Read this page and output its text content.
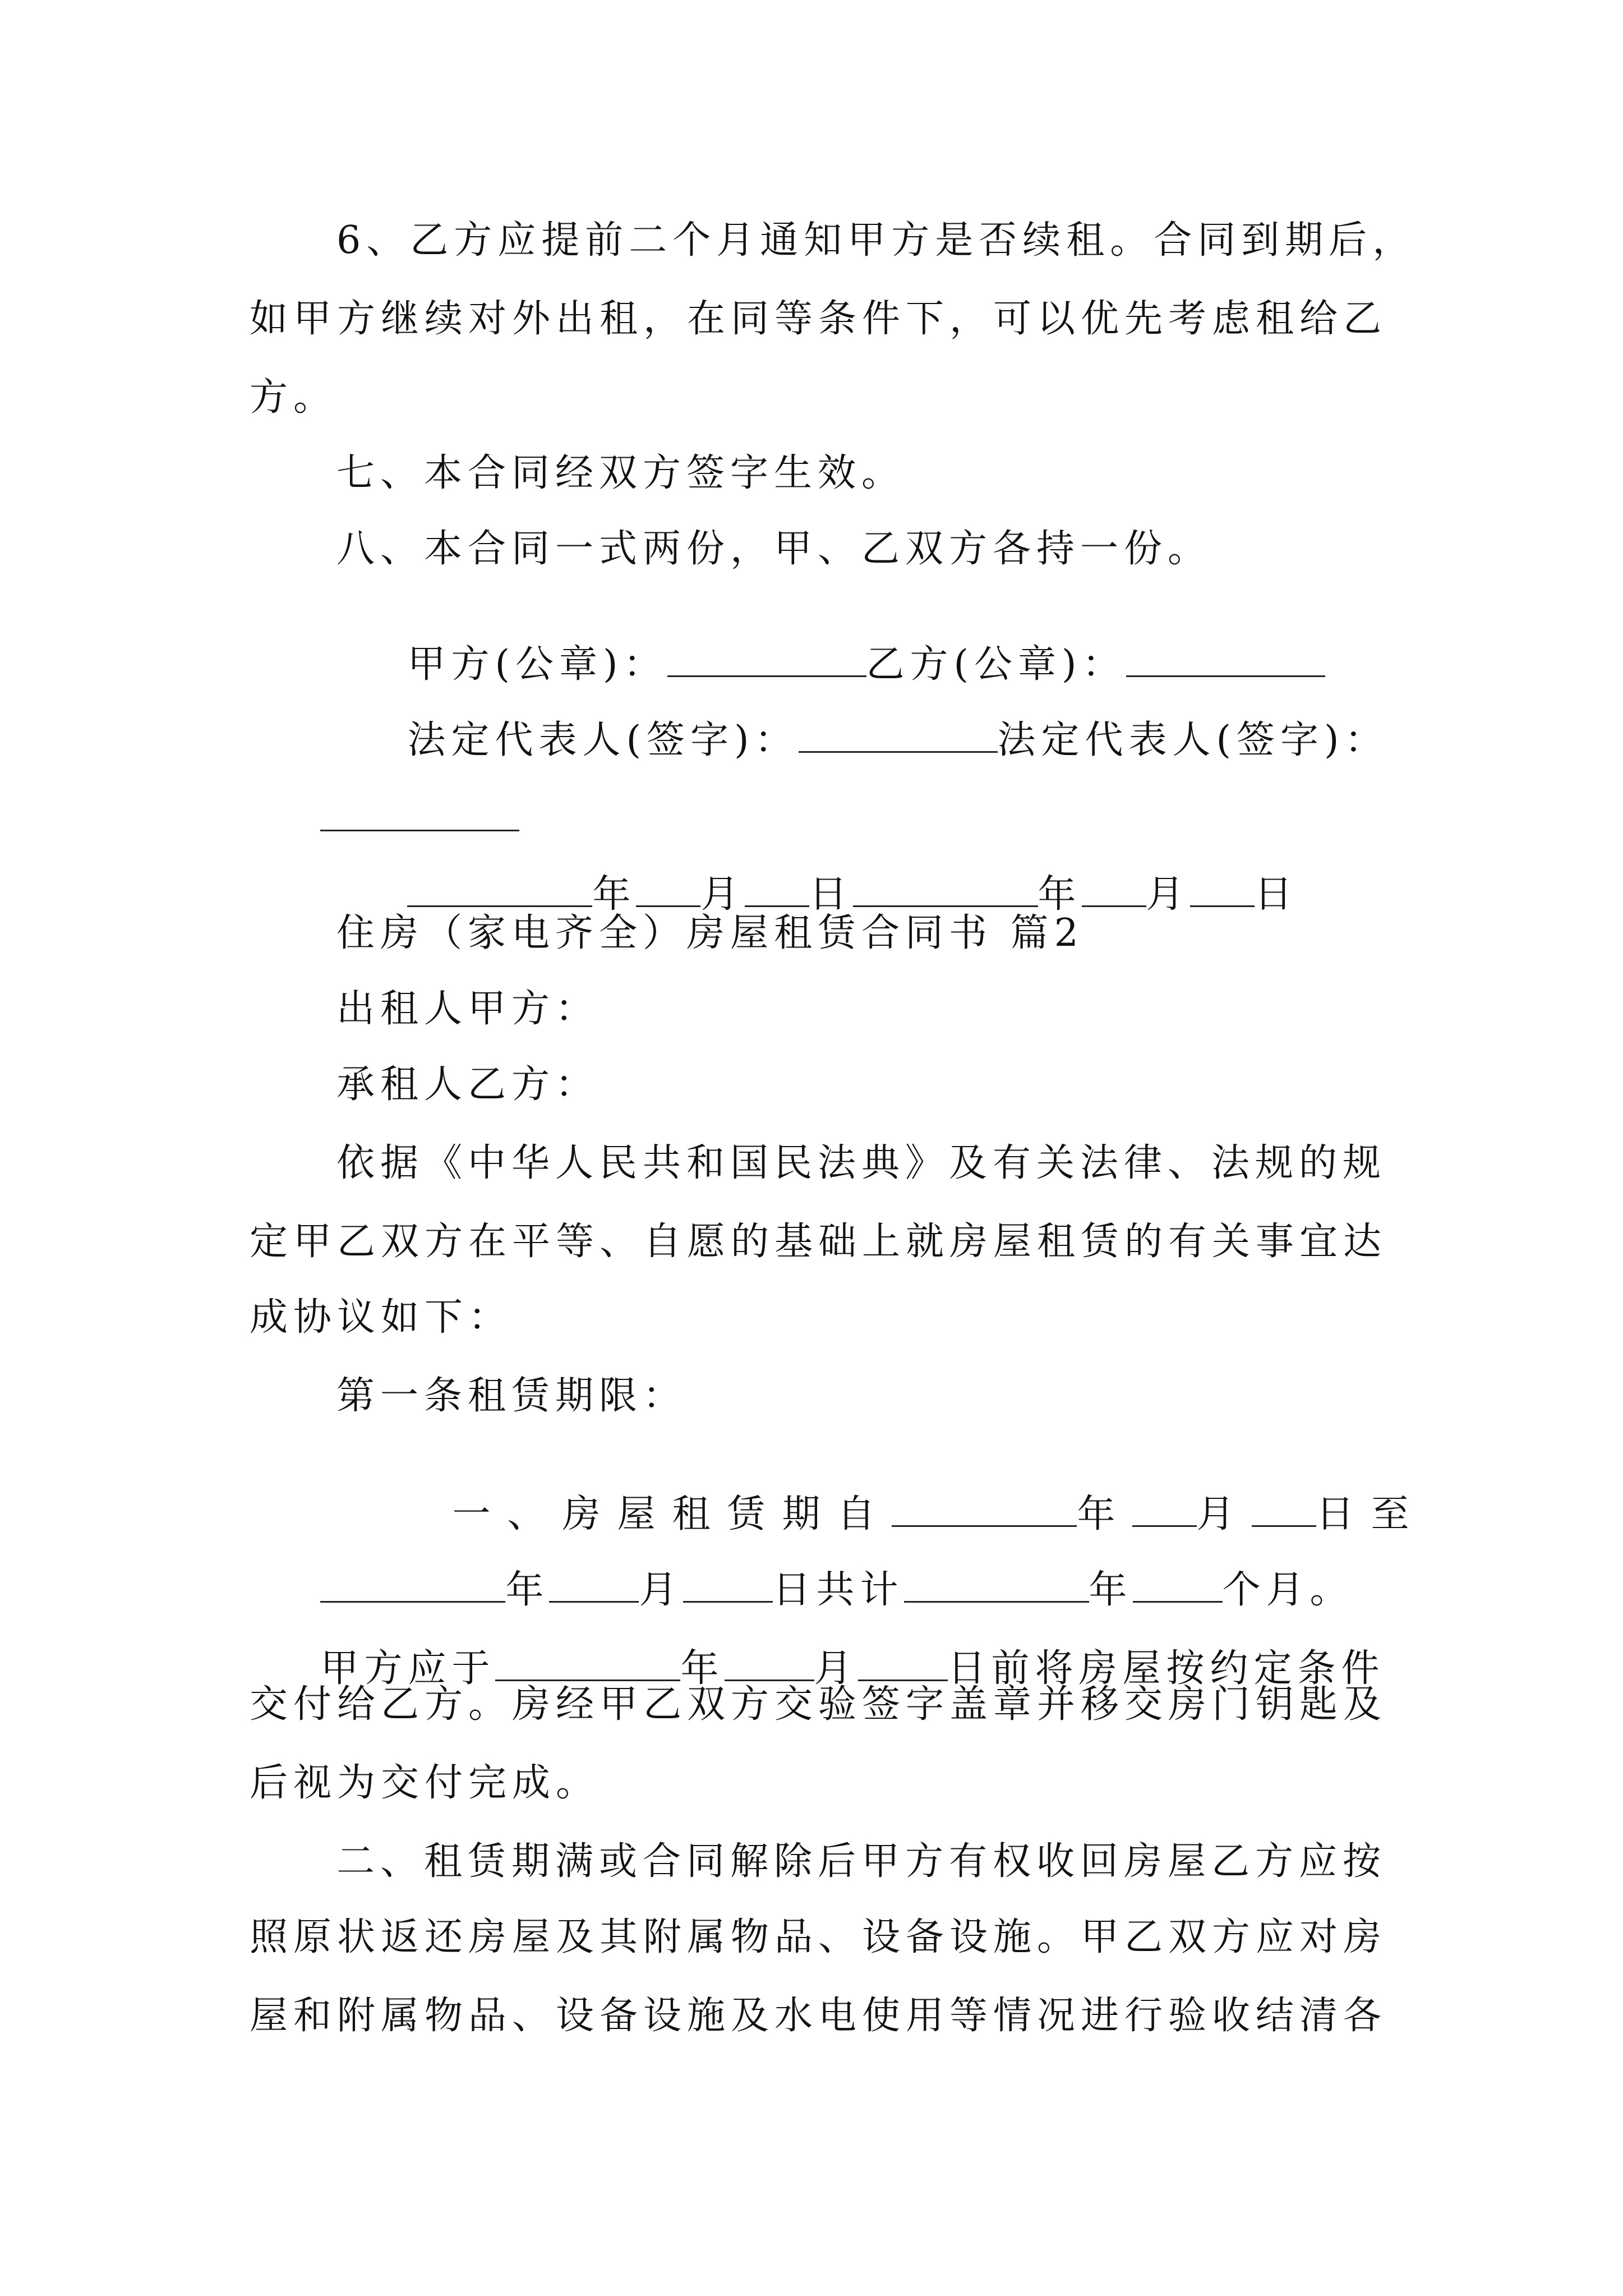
6、乙方应提前二个月通知甲方是否续租。合同到期后，
如甲方继续对外出租，在同等条件下，可以优先考虑租给乙
方。
七、本合同经双方签字生效。
八、本合同一式两份，甲、乙双方各持一份。

甲方(公章)：	乙方(公章)：

法定代表人(签字)：	法定代表人(签字)：

年 月 日	年 月 日

住房（家电齐全）房屋租赁合同书 篇2
出租人甲方：
承租人乙方：
依据《中华人民共和国民法典》及有关法律、法规的规
定甲乙双方在平等、自愿的基础上就房屋租赁的有关事宜达
成协议如下：
第一条租赁期限：

一、房屋租赁期自	年 月 日至

年 月 日共计	年 个月。

甲方应于	年 月 日前将房屋按约定条件

交付给乙方。房经甲乙双方交验签字盖章并移交房门钥匙及
后视为交付完成。
二、租赁期满或合同解除后甲方有权收回房屋乙方应按
照原状返还房屋及其附属物品、设备设施。甲乙双方应对房
屋和附属物品、设备设施及水电使用等情况进行验收结清各
